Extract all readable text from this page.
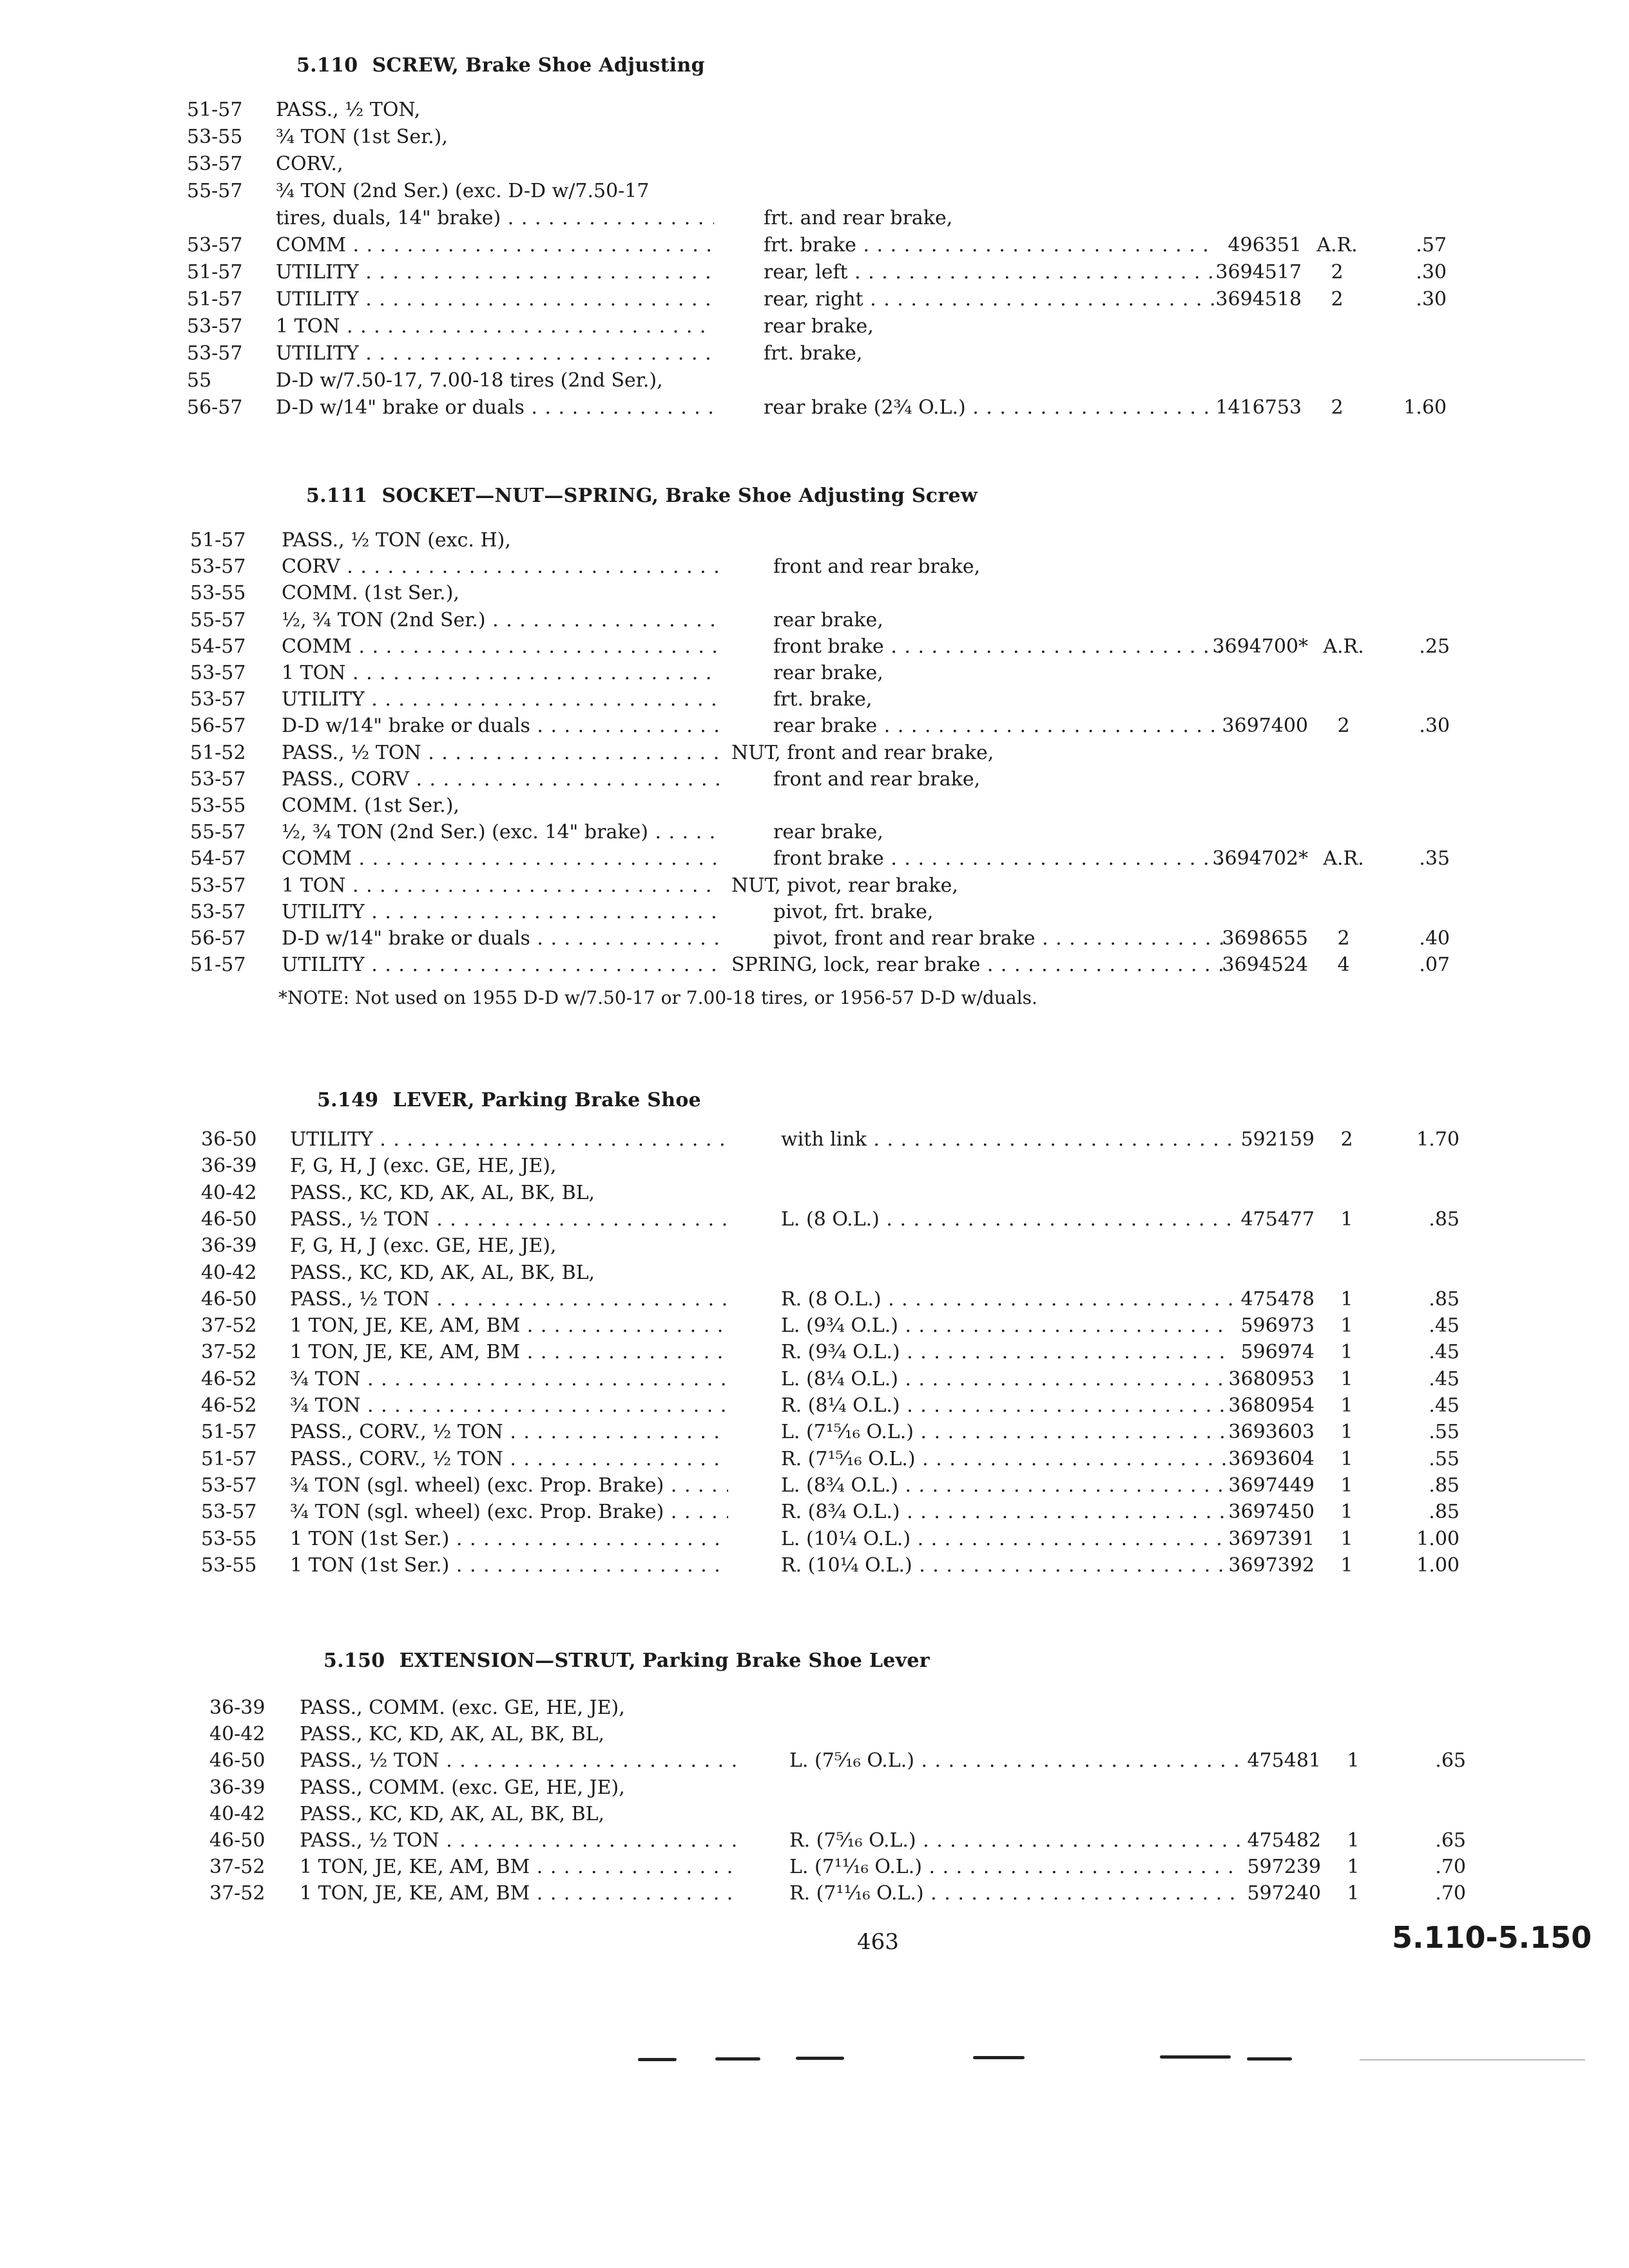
5.110 SCREW, Brake Shoe Adjusting
51-57	PASS., ½ TON,
53-55	¾ TON (1st Ser.),
53-57	CORV.,
55-57	¾ TON (2nd Ser.) (exc. D-D w/7.50-17
tires, duals, 14" brake) . . .	frt. and rear brake,
53-57	COMM . . .	frt. brake . . .	496351 A.R.	.57
51-57	UTILITY . . .	rear, left . . .	3694517	2	.30
51-57	UTILITY . . .	rear, right . . .	3694518	2	.30
53-57	1 TON . . .	rear brake,
53-57	UTILITY . . .	frt. brake,
55	D-D w/7.50-17, 7.00-18 tires (2nd Ser.),
56-57	D-D w/14" brake or duals . . .	rear brake (2¾ O.L.) . . .	1416753	2	1.60
5.111 SOCKET—NUT—SPRING, Brake Shoe Adjusting Screw
51-57	PASS., ½ TON (exc. H),
53-57	CORV . . .	front and rear brake,
53-55	COMM. (1st Ser.),
55-57	½, ¾ TON (2nd Ser.) . . .	rear brake,
54-57	COMM . . .	front brake . . .	3694700* A.R.	.25
53-57	1 TON . . .	rear brake,
53-57	UTILITY . . .	frt. brake,
56-57	D-D w/14" brake or duals . . .	rear brake . . .	3697400	2	.30
51-52	PASS., ½ TON . . .	NUT, front and rear brake,
53-57	PASS., CORV . . .	front and rear brake,
53-55	COMM. (1st Ser.),
55-57	½, ¾ TON (2nd Ser.) (exc. 14" brake) . . .	rear brake,
54-57	COMM . . .	front brake . . .	3694702* A.R.	.35
53-57	1 TON . . .	NUT, pivot, rear brake,
53-57	UTILITY . . .	pivot, frt. brake,
56-57	D-D w/14" brake or duals . . .	pivot, front and rear brake . . .	3698655	2	.40
51-57	UTILITY . . .	SPRING, lock, rear brake . . .	3694524	4	.07
*NOTE: Not used on 1955 D-D w/7.50-17 or 7.00-18 tires, or 1956-57 D-D w/duals.
5.149 LEVER, Parking Brake Shoe
36-50	UTILITY . . .	with link . . .	592159	2	1.70
36-39	F, G, H, J (exc. GE, HE, JE),
40-42	PASS., KC, KD, AK, AL, BK, BL,
46-50	PASS., ½ TON . . .	L. (8 O.L.) . . .	475477	1	.85
36-39	F, G, H, J (exc. GE, HE, JE),
40-42	PASS., KC, KD, AK, AL, BK, BL,
46-50	PASS., ½ TON . . .	R. (8 O.L.) . . .	475478	1	.85
37-52	1 TON, JE, KE, AM, BM . . .	L. (9¾ O.L.) . . .	596973	1	.45
37-52	1 TON, JE, KE, AM, BM . . .	R. (9¾ O.L.) . . .	596974	1	.45
46-52	¾ TON . . .	L. (8¼ O.L.) . . .	3680953	1	.45
46-52	¾ TON . . .	R. (8¼ O.L.) . . .	3680954	1	.45
51-57	PASS., CORV., ½ TON . . .	L. (7¹⁵⁄₁₆ O.L.) . . .	3693603	1	.55
51-57	PASS., CORV., ½ TON . . .	R. (7¹⁵⁄₁₆ O.L.) . . .	3693604	1	.55
53-57	¾ TON (sgl. wheel) (exc. Prop. Brake) . . .	L. (8¾ O.L.) . . .	3697449	1	.85
53-57	¾ TON (sgl. wheel) (exc. Prop. Brake) . . .	R. (8¾ O.L.) . . .	3697450	1	.85
53-55	1 TON (1st Ser.) . . .	L. (10¼ O.L.) . . .	3697391	1	1.00
53-55	1 TON (1st Ser.) . . .	R. (10¼ O.L.) . . .	3697392	1	1.00
5.150 EXTENSION—STRUT, Parking Brake Shoe Lever
36-39	PASS., COMM. (exc. GE, HE, JE),
40-42	PASS., KC, KD, AK, AL, BK, BL,
46-50	PASS., ½ TON . . .	L. (7⁵⁄₁₆ O.L.) . . .	475481	1	.65
36-39	PASS., COMM. (exc. GE, HE, JE),
40-42	PASS., KC, KD, AK, AL, BK, BL,
46-50	PASS., ½ TON . . .	R. (7⁵⁄₁₆ O.L.) . . .	475482	1	.65
37-52	1 TON, JE, KE, AM, BM . . .	L. (7¹¹⁄₁₆ O.L.) . . .	597239	1	.70
37-52	1 TON, JE, KE, AM, BM . . .	R. (7¹¹⁄₁₆ O.L.) . . .	597240	1	.70
463	5.110-5.150
